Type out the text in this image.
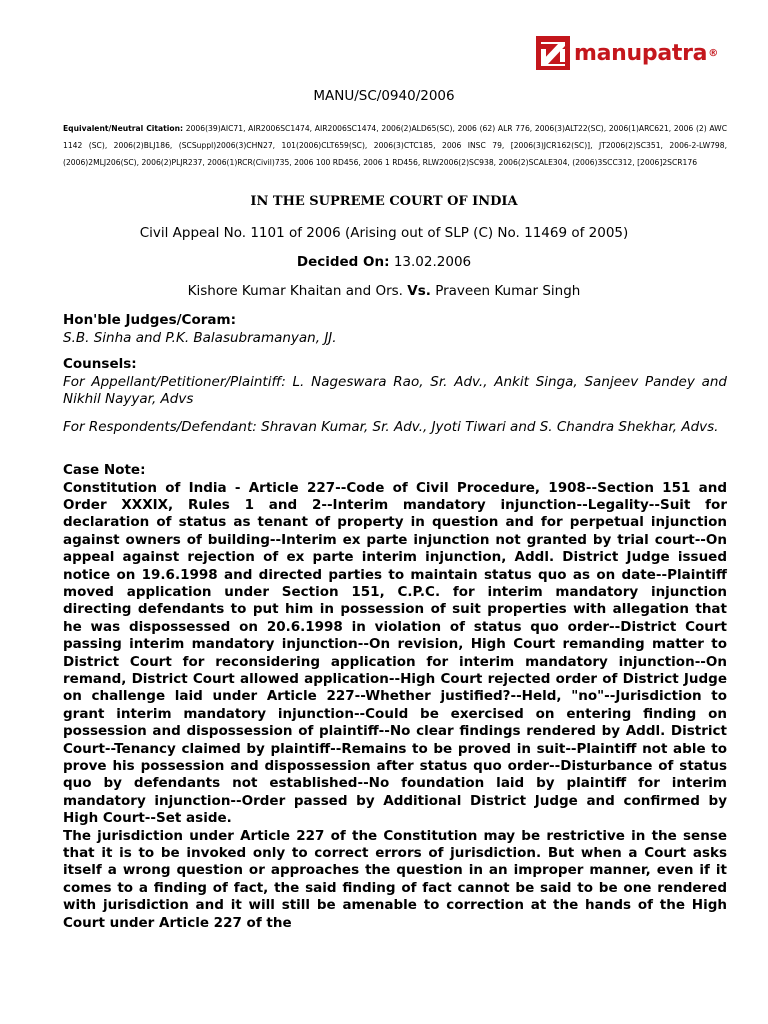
manupatra ®
MANU/SC/0940/2006
Equivalent/Neutral Citation: 2006(39)AIC71, AIR2006SC1474, AIR2006SC1474, 2006(2)ALD65(SC), 2006 (62) ALR 776, 2006(3)ALT22(SC), 2006(1)ARC621, 2006 (2) AWC 1142 (SC), 2006(2)BLJ186, (SCSuppl)2006(3)CHN27, 101(2006)CLT659(SC), 2006(3)CTC185, 2006 INSC 79, [2006(3)JCR162(SC)], JT2006(2)SC351, 2006-2-LW798, (2006)2MLJ206(SC), 2006(2)PLJR237, 2006(1)RCR(Civil)735, 2006 100 RD456, 2006 1 RD456, RLW2006(2)SC938, 2006(2)SCALE304, (2006)3SCC312, [2006]2SCR176
IN THE SUPREME COURT OF INDIA
Civil Appeal No. 1101 of 2006 (Arising out of SLP (C) No. 11469 of 2005)
Decided On: 13.02.2006
Kishore Kumar Khaitan and Ors. Vs. Praveen Kumar Singh
Hon'ble Judges/Coram:
S.B. Sinha and P.K. Balasubramanyan, JJ.
Counsels:
For Appellant/Petitioner/Plaintiff: L. Nageswara Rao, Sr. Adv., Ankit Singa, Sanjeev Pandey and Nikhil Nayyar, Advs
For Respondents/Defendant: Shravan Kumar, Sr. Adv., Jyoti Tiwari and S. Chandra Shekhar, Advs.
Case Note:
Constitution of India - Article 227--Code of Civil Procedure, 1908--Section 151 and Order XXXIX, Rules 1 and 2--Interim mandatory injunction--Legality--Suit for declaration of status as tenant of property in question and for perpetual injunction against owners of building--Interim ex parte injunction not granted by trial court--On appeal against rejection of ex parte interim injunction, Addl. District Judge issued notice on 19.6.1998 and directed parties to maintain status quo as on date--Plaintiff moved application under Section 151, C.P.C. for interim mandatory injunction directing defendants to put him in possession of suit properties with allegation that he was dispossessed on 20.6.1998 in violation of status quo order--District Court passing interim mandatory injunction--On revision, High Court remanding matter to District Court for reconsidering application for interim mandatory injunction--On remand, District Court allowed application--High Court rejected order of District Judge on challenge laid under Article 227--Whether justified?--Held, "no"--Jurisdiction to grant interim mandatory injunction--Could be exercised on entering finding on possession and dispossession of plaintiff--No clear findings rendered by Addl. District Court--Tenancy claimed by plaintiff--Remains to be proved in suit--Plaintiff not able to prove his possession and dispossession after status quo order--Disturbance of status quo by defendants not established--No foundation laid by plaintiff for interim mandatory injunction--Order passed by Additional District Judge and confirmed by High Court--Set aside.
The jurisdiction under Article 227 of the Constitution may be restrictive in the sense that it is to be invoked only to correct errors of jurisdiction. But when a Court asks itself a wrong question or approaches the question in an improper manner, even if it comes to a finding of fact, the said finding of fact cannot be said to be one rendered with jurisdiction and it will still be amenable to correction at the hands of the High Court under Article 227 of the
